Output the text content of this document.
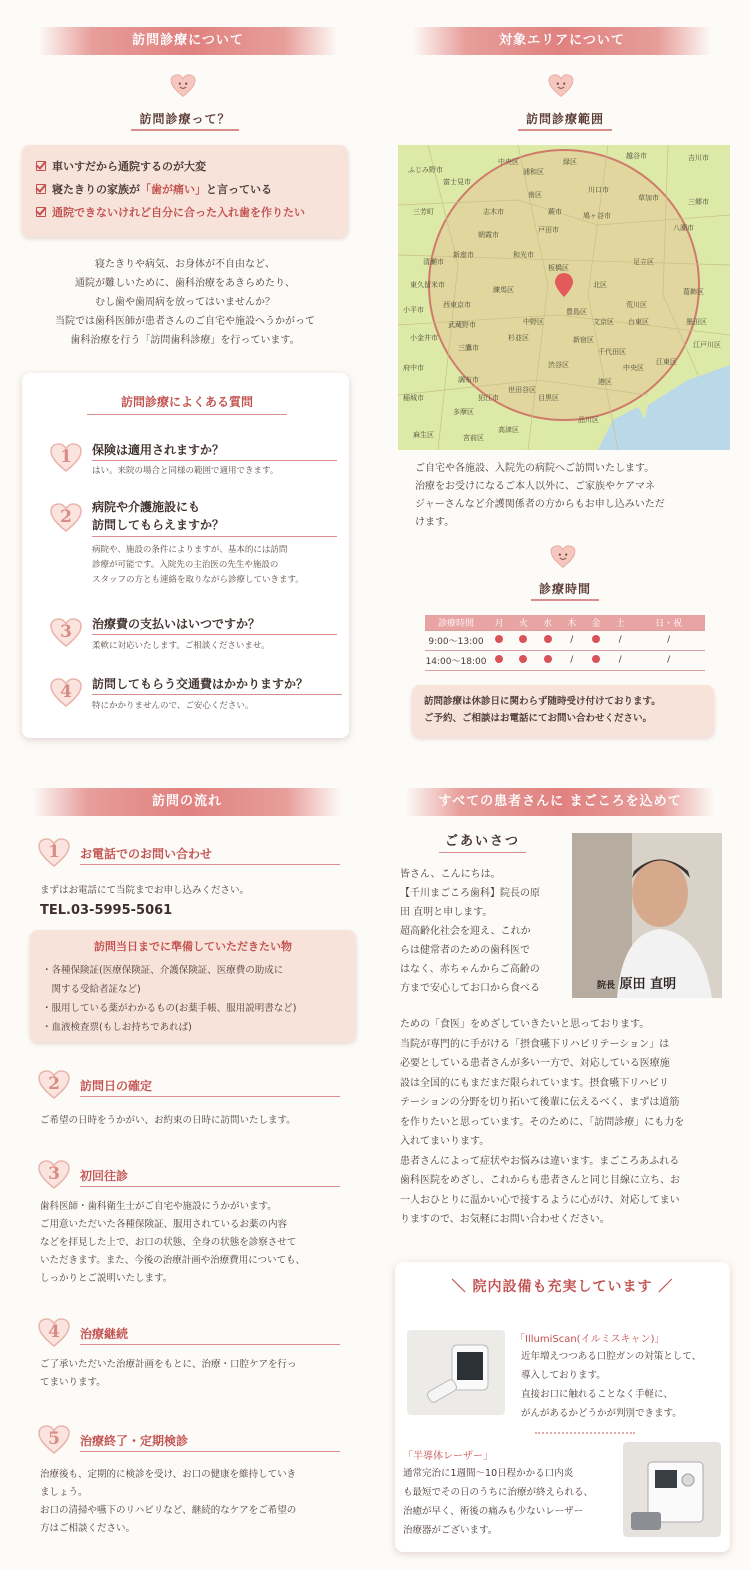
訪問診療について
訪問診療って？
車いすだから通院するのが大変
寝たきりの家族が 「歯が痛い」 と言っている
通院できないけれど自分に合った入れ歯を作りたい
寝たきりや病気、お身体が不自由など、
通院が難しいために、歯科治療をあきらめたり、
むし歯や歯周病を放ってはいませんか？
当院では歯科医師が患者さんのご自宅や施設へうかがって
歯科治療を行う「訪問歯科診療」を行っています。
訪問診療によくある質問
1	保険は適用されますか？
はい。来院の場合と同様の範囲で適用できます。
2	病院や介護施設にも
訪問してもらえますか？
病院や、施設の条件によりますが、基本的には訪問
診療が可能です。入院先の主治医の先生や施設の
スタッフの方とも連絡を取りながら診療していきます。
3	治療費の支払いはいつですか？
柔軟に対応いたします。ご相談くださいませ。
4	訪問してもらう交通費はかかりますか？
特にかかりませんので、ご安心ください。
対象エリアについて
訪問診療範囲
ふじみ野市
中央区	緑区
越谷市	吉川市
富士見市
浦和区
南区
川口市
草加市	三郷市
三芳町	志木市	蕨市	鳩ヶ谷市
八潮市
朝霞市
戸田市
清瀬市
新座市	和光市
板橋区
足立区
東久留米市
練馬区
北区
葛飾区
西東京市
豊島区
荒川区
小平市
武蔵野市	中野区	文京区 台東区	墨田区
小金井市
三鷹市
杉並区	新宿区
千代田区
江戸川区
府中市	渋谷区	中央区
江東区
調布市
狛江市
世田谷区
港区
稲城市	目黒区
多摩区
品川区
麻生区	宮前区
高津区
ご自宅や各施設、入院先の病院へご訪問いたします。
治療をお受けになるご本人以外に、ご家族やケアマネ
ジャーさんなど介護関係者の方からもお申し込みいただ
けます。
診療時間
診療時間	月	火	水	木	金	土	日・祝
9:00〜13:00				/		/	/
14:00〜18:00				/		/	/
訪問診療は休診日に関わらず随時受け付けております。
ご予約、ご相談はお電話にてお問い合わせください。
訪問の流れ
1	お電話でのお問い合わせ
まずはお電話にて当院までお申し込みください。
TEL.03-5995-5061
訪問当日までに準備していただきたい物
・各種保険証(医療保険証、介護保険証、医療費の助成に
　関する受給者証など)
・服用している薬がわかるもの(お薬手帳、服用説明書など)
・血液検査票(もしお持ちであれば)
2	訪問日の確定
ご希望の日時をうかがい、お約束の日時に訪問いたします。
3	初回往診
歯科医師・歯科衛生士がご自宅や施設にうかがいます。
ご用意いただいた各種保険証、服用されているお薬の内容
などを拝見した上で、お口の状態、全身の状態を診察させて
いただきます。また、今後の治療計画や治療費用についても、
しっかりとご説明いたします。
4	治療継続
ご了承いただいた治療計画をもとに、治療・口腔ケアを行っ
てまいります。
5	治療終了・定期検診
治療後も、定期的に検診を受け、お口の健康を維持していき
ましょう。
お口の清掃や嚥下のリハビリなど、継続的なケアをご希望の
方はご相談ください。
すべての患者さんに まごころを込めて
ごあいさつ
院長 原田 直明
皆さん、こんにちは。
【千川まごころ歯科】院長の原
田 直明と申します。
超高齢化社会を迎え、これか
らは健常者のための歯科医で
はなく、赤ちゃんからご高齢の
方まで安心してお口から食べる
ための「食医」をめざしていきたいと思っております。
当院が専門的に手がける「摂食嚥下リハビリテーション」は
必要としている患者さんが多い一方で、対応している医療施
設は全国的にもまだまだ限られています。摂食嚥下リハビリ
テーションの分野を切り拓いて後輩に伝えるべく、まずは道筋
を作りたいと思っています。そのために、「訪問診療」にも力を
入れてまいります。
患者さんによって症状やお悩みは違います。まごころあふれる
歯科医院をめざし、これからも患者さんと同じ目線に立ち、お
一人おひとりに温かい心で接するように心がけ、対応してまい
りますので、お気軽にお問い合わせください。
＼ 院内設備も充実しています ／
「IllumiScan(イルミスキャン)」
近年増えつつある口腔ガンの対策として、
導入しております。
直接お口に触れることなく手軽に、
がんがあるかどうかが判別できます。
「半導体レーザー」
通常完治に1週間〜10日程かかる口内炎
も最短でその日のうちに治療が終えられる、
治癒が早く、術後の痛みも少ないレーザー
治療器がございます。
